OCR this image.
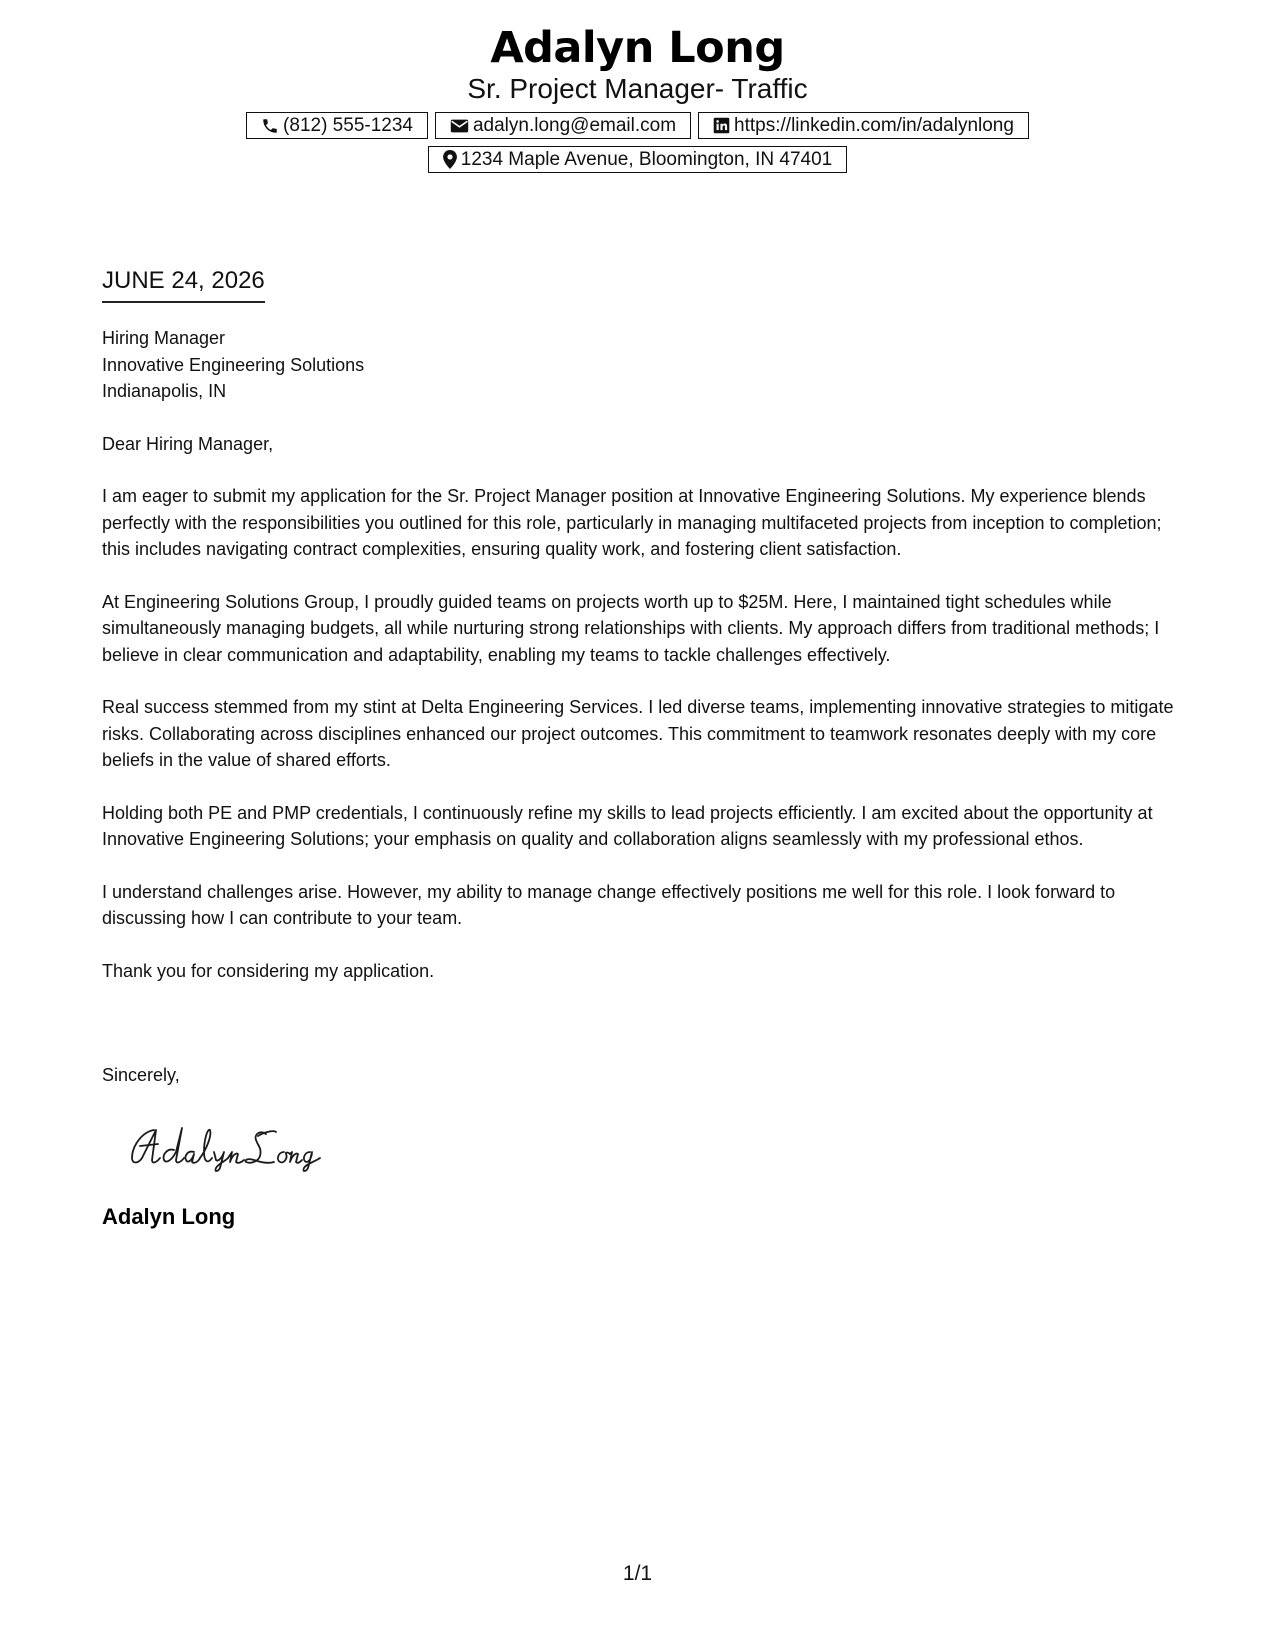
Adalyn Long
Sr. Project Manager- Traffic
(812) 555-1234	adalyn.long@email.com	https://linkedin.com/in/adalynlong
1234 Maple Avenue, Bloomington, IN 47401
JUNE 24, 2026
Hiring Manager
Innovative Engineering Solutions
Indianapolis, IN
Dear Hiring Manager,
I am eager to submit my application for the Sr. Project Manager position at Innovative Engineering Solutions. My experience blends perfectly with the responsibilities you outlined for this role, particularly in managing multifaceted projects from inception to completion; this includes navigating contract complexities, ensuring quality work, and fostering client satisfaction.
At Engineering Solutions Group, I proudly guided teams on projects worth up to $25M. Here, I maintained tight schedules while simultaneously managing budgets, all while nurturing strong relationships with clients. My approach differs from traditional methods; I believe in clear communication and adaptability, enabling my teams to tackle challenges effectively.
Real success stemmed from my stint at Delta Engineering Services. I led diverse teams, implementing innovative strategies to mitigate risks. Collaborating across disciplines enhanced our project outcomes. This commitment to teamwork resonates deeply with my core beliefs in the value of shared efforts.
Holding both PE and PMP credentials, I continuously refine my skills to lead projects efficiently. I am excited about the opportunity at Innovative Engineering Solutions; your emphasis on quality and collaboration aligns seamlessly with my professional ethos.
I understand challenges arise. However, my ability to manage change effectively positions me well for this role. I look forward to discussing how I can contribute to your team.
Thank you for considering my application.
Sincerely,
Adalyn Long
1/1
